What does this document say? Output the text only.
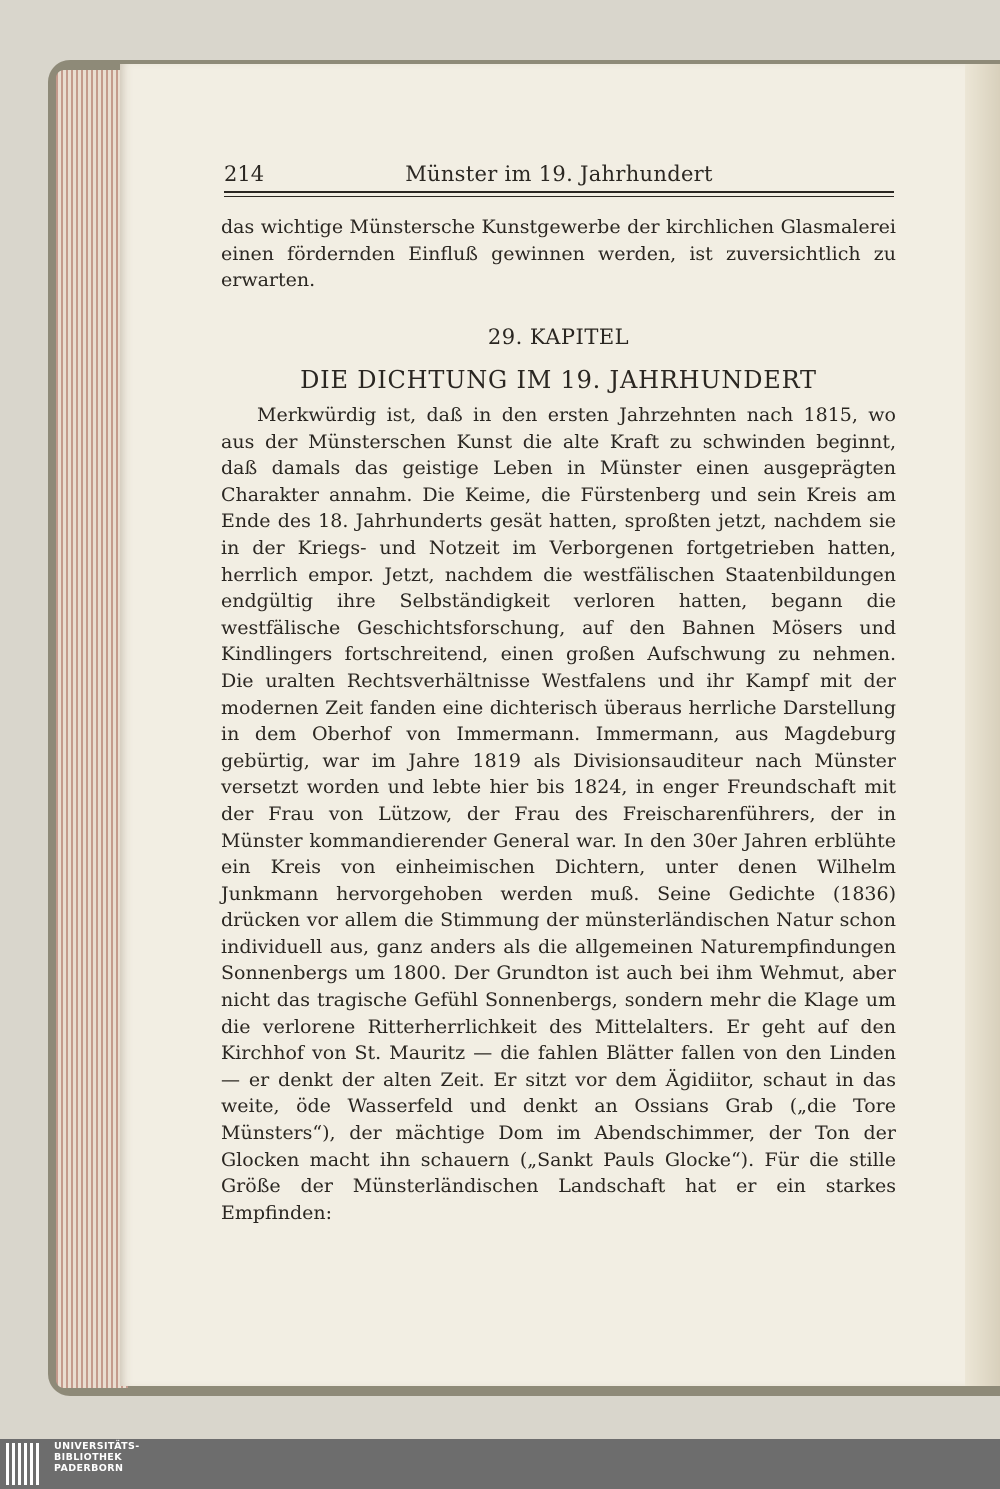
214	Münster im 19. Jahrhundert

das wichtige Münstersche Kunstgewerbe der kirchlichen Glasmalerei einen fördernden Einfluß gewinnen werden, ist zuversichtlich zu erwarten.

29. KAPITEL
DIE DICHTUNG IM 19. JAHRHUNDERT

Merkwürdig ist, daß in den ersten Jahrzehnten nach 1815, wo aus der Münsterschen Kunst die alte Kraft zu schwinden beginnt, daß damals das geistige Leben in Münster einen ausgeprägten Charakter annahm. Die Keime, die Fürstenberg und sein Kreis am Ende des 18. Jahrhunderts gesät hatten, sproßten jetzt, nachdem sie in der Kriegs- und Notzeit im Verborgenen fortgetrieben hatten, herrlich empor. Jetzt, nachdem die westfälischen Staatenbildungen endgültig ihre Selbständigkeit verloren hatten, begann die westfälische Geschichtsforschung, auf den Bahnen Mösers und Kindlingers fortschreitend, einen großen Aufschwung zu nehmen. Die uralten Rechtsverhältnisse Westfalens und ihr Kampf mit der modernen Zeit fanden eine dichterisch überaus herrliche Darstellung in dem Oberhof von Immermann. Immermann, aus Magdeburg gebürtig, war im Jahre 1819 als Divisionsauditeur nach Münster versetzt worden und lebte hier bis 1824, in enger Freundschaft mit der Frau von Lützow, der Frau des Freischarenführers, der in Münster kommandierender General war. In den 30er Jahren erblühte ein Kreis von einheimischen Dichtern, unter denen Wilhelm Junkmann hervorgehoben werden muß. Seine Gedichte (1836) drücken vor allem die Stimmung der münsterländischen Natur schon individuell aus, ganz anders als die allgemeinen Naturempfindungen Sonnenbergs um 1800. Der Grundton ist auch bei ihm Wehmut, aber nicht das tragische Gefühl Sonnenbergs, sondern mehr die Klage um die verlorene Ritterherrlichkeit des Mittelalters. Er geht auf den Kirchhof von St. Mauritz — die fahlen Blätter fallen von den Linden — er denkt der alten Zeit. Er sitzt vor dem Ägidiitor, schaut in das weite, öde Wasserfeld und denkt an Ossians Grab („die Tore Münsters“), der mächtige Dom im Abendschimmer, der Ton der Glocken macht ihn schauern („Sankt Pauls Glocke“). Für die stille Größe der Münsterländischen Landschaft hat er ein starkes Empfinden:

UNIVERSITÄTS-
BIBLIOTHEK
PADERBORN
